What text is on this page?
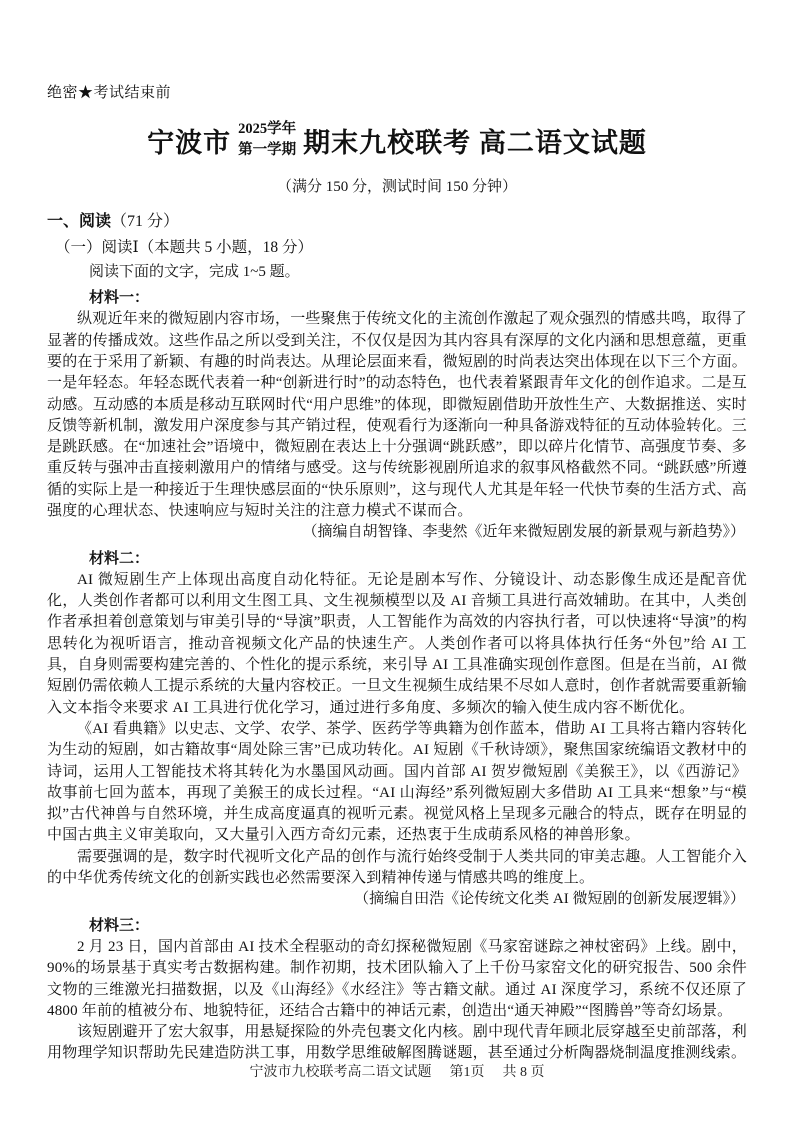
绝密★考试结束前
宁波市 2025学年
第一学期 期末九校联考 高二语文试题
（满分 150 分，测试时间 150 分钟）
一、阅读（71 分）
（一）阅读Ⅰ（本题共 5 小题，18 分）
阅读下面的文字，完成 1~5 题。
材料一：

纵观近年来的微短剧内容市场，一些聚焦于传统文化的主流创作激起了观众强烈的情感共鸣，取得了显著的传播成效。这些作品之所以受到关注，不仅仅是因为其内容具有深厚的文化内涵和思想意蕴，更重要的在于采用了新颖、有趣的时尚表达。从理论层面来看，微短剧的时尚表达突出体现在以下三个方面。一是年轻态。年轻态既代表着一种“创新进行时”的动态特色，也代表着紧跟青年文化的创作追求。二是互动感。互动感的本质是移动互联网时代“用户思维”的体现，即微短剧借助开放性生产、大数据推送、实时反馈等新机制，激发用户深度参与其产销过程，使观看行为逐渐向一种具备游戏特征的互动体验转化。三是跳跃感。在“加速社会”语境中，微短剧在表达上十分强调“跳跃感”，即以碎片化情节、高强度节奏、多重反转与强冲击直接刺激用户的情绪与感受。这与传统影视剧所追求的叙事风格截然不同。“跳跃感”所遵循的实际上是一种接近于生理快感层面的“快乐原则”，这与现代人尤其是年轻一代快节奏的生活方式、高强度的心理状态、快速响应与短时关注的注意力模式不谋而合。

（摘编自胡智锋、李斐然《近年来微短剧发展的新景观与新趋势》）
材料二：

AI 微短剧生产上体现出高度自动化特征。无论是剧本写作、分镜设计、动态影像生成还是配音优化，人类创作者都可以利用文生图工具、文生视频模型以及 AI 音频工具进行高效辅助。在其中，人类创作者承担着创意策划与审美引导的“导演”职责，人工智能作为高效的内容执行者，可以快速将“导演”的构思转化为视听语言，推动音视频文化产品的快速生产。人类创作者可以将具体执行任务“外包”给 AI 工具，自身则需要构建完善的、个性化的提示系统，来引导 AI 工具准确实现创作意图。但是在当前，AI 微短剧仍需依赖人工提示系统的大量内容校正。一旦文生视频生成结果不尽如人意时，创作者就需要重新输入文本指令来要求 AI 工具进行优化学习，通过进行多角度、多频次的输入使生成内容不断优化。

《AI 看典籍》以史志、文学、农学、茶学、医药学等典籍为创作蓝本，借助 AI 工具将古籍内容转化为生动的短剧，如古籍故事“周处除三害”已成功转化。AI 短剧《千秋诗颂》，聚焦国家统编语文教材中的诗词，运用人工智能技术将其转化为水墨国风动画。国内首部 AI 贺岁微短剧《美猴王》，以《西游记》故事前七回为蓝本，再现了美猴王的成长过程。“AI 山海经”系列微短剧大多借助 AI 工具来“想象”与“模拟”古代神兽与自然环境，并生成高度逼真的视听元素。视觉风格上呈现多元融合的特点，既存在明显的中国古典主义审美取向，又大量引入西方奇幻元素，还热衷于生成萌系风格的神兽形象。

需要强调的是，数字时代视听文化产品的创作与流行始终受制于人类共同的审美志趣。人工智能介入的中华优秀传统文化的创新实践也必然需要深入到精神传递与情感共鸣的维度上。

（摘编自田浩《论传统文化类 AI 微短剧的创新发展逻辑》）
材料三：

2 月 23 日，国内首部由 AI 技术全程驱动的奇幻探秘微短剧《马家窑谜踪之神杖密码》上线。剧中，90%的场景基于真实考古数据构建。制作初期，技术团队输入了上千份马家窑文化的研究报告、500 余件文物的三维激光扫描数据，以及《山海经》《水经注》等古籍文献。通过 AI 深度学习，系统不仅还原了 4800 年前的植被分布、地貌特征，还结合古籍中的神话元素，创造出“通天神殿”“图腾兽”等奇幻场景。

该短剧避开了宏大叙事，用悬疑探险的外壳包裹文化内核。剧中现代青年顾北辰穿越至史前部落，利用物理学知识帮助先民建造防洪工事，用数学思维破解图腾谜题，甚至通过分析陶器烧制温度推测线索。

宁波市九校联考高二语文试题 第1页 共 8 页
